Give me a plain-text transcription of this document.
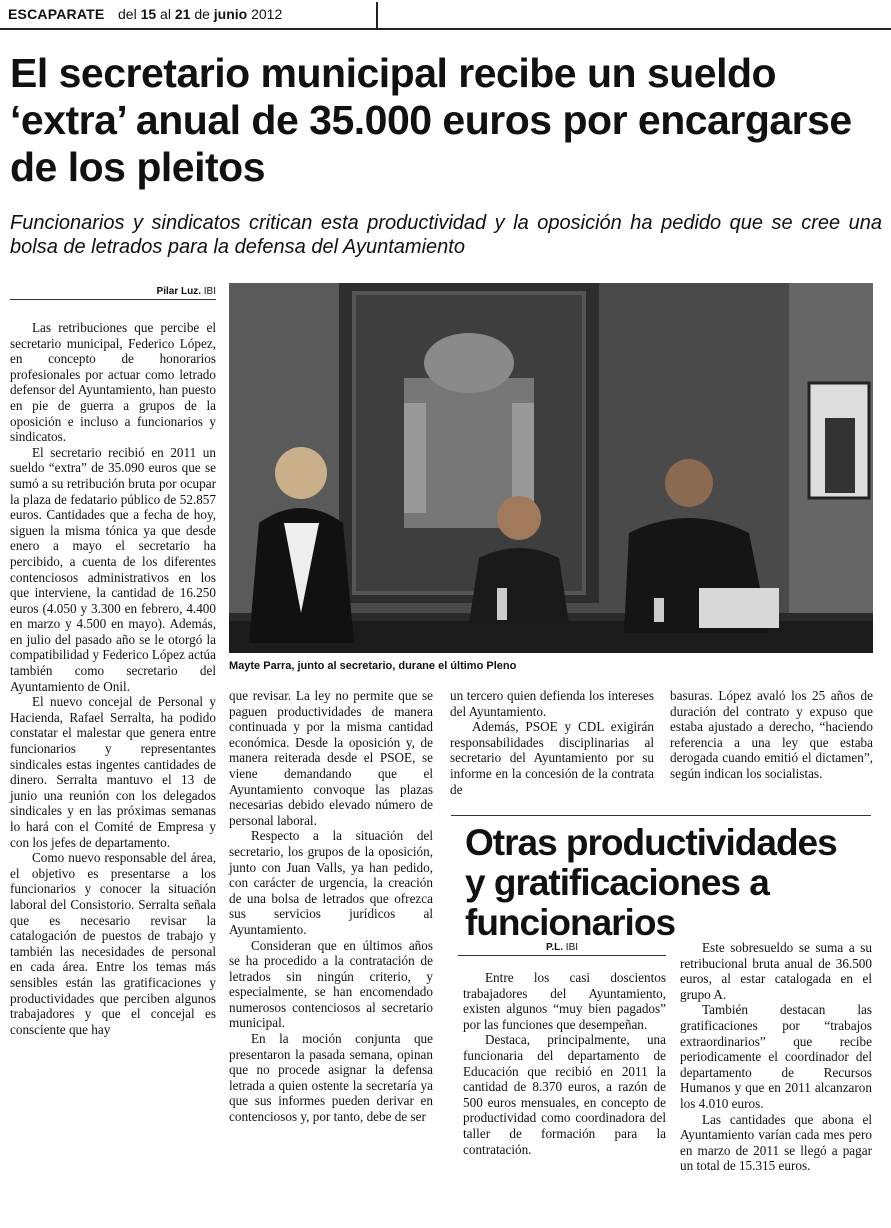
ESCAPARATE del 15 al 21 de junio 2012
El secretario municipal recibe un sueldo ‘extra’ anual de 35.000 euros por encargarse de los pleitos
Funcionarios y sindicatos critican esta productividad y la oposición ha pedido que se cree una bolsa de letrados para la defensa del Ayuntamiento
Pilar Luz. IBI

Las retribuciones que percibe el secretario municipal, Federico López, en concepto de honorarios profesionales por actuar como letrado defensor del Ayuntamiento, han puesto en pie de guerra a grupos de la oposición e incluso a funcionarios y sindicatos.

El secretario recibió en 2011 un sueldo “extra” de 35.090 euros que se sumó a su retribución bruta por ocupar la plaza de fedatario público de 52.857 euros. Cantidades que a fecha de hoy, siguen la misma tónica ya que desde enero a mayo el secretario ha percibido, a cuenta de los diferentes contenciosos administrativos en los que interviene, la cantidad de 16.250 euros (4.050 y 3.300 en febrero, 4.400 en marzo y 4.500 en mayo). Además, en julio del pasado año se le otorgó la compatibilidad y Federico López actúa también como secretario del Ayuntamiento de Onil.

El nuevo concejal de Personal y Hacienda, Rafael Serralta, ha podido constatar el malestar que genera entre funcionarios y representantes sindicales estas ingentes cantidades de dinero. Serralta mantuvo el 13 de junio una reunión con los delegados sindicales y en las próximas semanas lo hará con el Comité de Empresa y con los jefes de departamento.

Como nuevo responsable del área, el objetivo es presentarse a los funcionarios y conocer la situación laboral del Consistorio. Serralta señala que es necesario revisar la catalogación de puestos de trabajo y también las necesidades de personal en cada área. Entre los temas más sensibles están las gratificaciones y productividades que perciben algunos trabajadores y que el concejal es consciente que hay

Mayte Parra, junto al secretario, durane el último Pleno

que revisar. La ley no permite que se paguen productividades de manera continuada y por la misma cantidad económica. Desde la oposición y, de manera reiterada desde el PSOE, se viene demandando que el Ayuntamiento convoque las plazas necesarias debido elevado número de personal laboral.

Respecto a la situación del secretario, los grupos de la oposición, junto con Juan Valls, ya han pedido, con carácter de urgencia, la creación de una bolsa de letrados que ofrezca sus servicios jurídicos al Ayuntamiento.

Consideran que en últimos años se ha procedido a la contratación de letrados sin ningún criterio, y especialmente, se han encomendado numerosos contenciosos al secretario municipal.

En la moción conjunta que presentaron la pasada semana, opinan que no procede asignar la defensa letrada a quien ostente la secretaría ya que sus informes pueden derivar en contenciosos y, por tanto, debe de ser

un tercero quien defienda los intereses del Ayuntamiento.

Además, PSOE y CDL exigirán responsabilidades disciplinarias al secretario del Ayuntamiento por su informe en la concesión de la contrata de

basuras. López avaló los 25 años de duración del contrato y expuso que estaba ajustado a derecho, “haciendo referencia a una ley que estaba derogada cuando emitió el dictamen”, según indican los socialistas.

Otras productividades y gratificaciones a funcionarios
P.L. IBI

Entre los casi doscientos trabajadores del Ayuntamiento, existen algunos “muy bien pagados” por las funciones que desempeñan.

Destaca, principalmente, una funcionaria del departamento de Educación que recibió en 2011 la cantidad de 8.370 euros, a razón de 500 euros mensuales, en concepto de productividad como coordinadora del taller de formación para la contratación.

Este sobresueldo se suma a su retribucional bruta anual de 36.500 euros, al estar catalogada en el grupo A.

También destacan las gratificaciones por “trabajos extraordinarios” que recibe periodicamente el coordinador del departamento de Recursos Humanos y que en 2011 alcanzaron los 4.010 euros.

Las cantidades que abona el Ayuntamiento varían cada mes pero en marzo de 2011 se llegó a pagar un total de 15.315 euros.
